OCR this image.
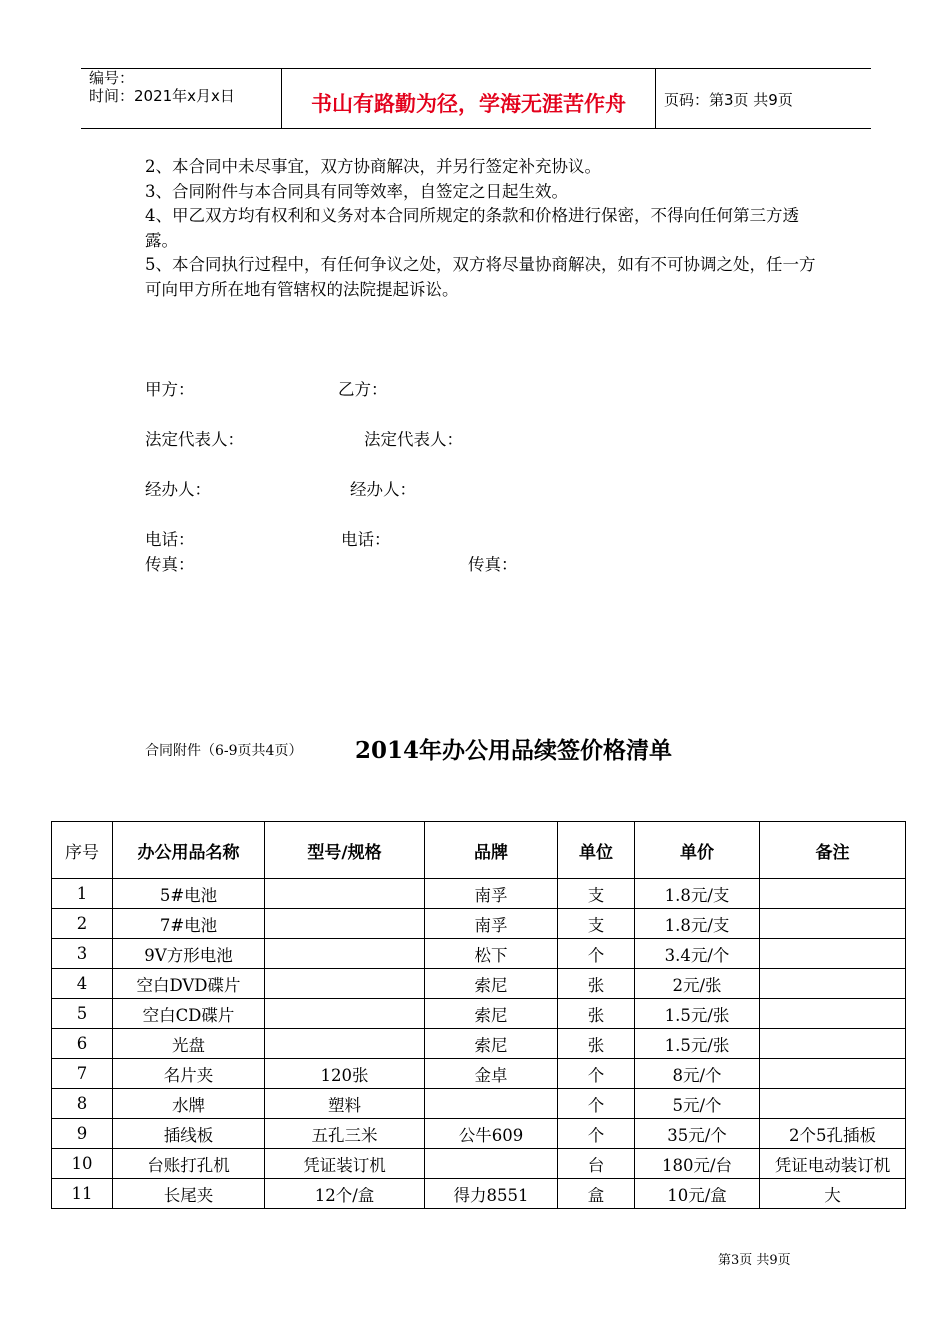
编号：
时间：2021年x月x日	书山有路勤为径，学海无涯苦作舟	页码：第3页 共9页

2、本合同中未尽事宜，双方协商解决，并另行签定补充协议。

3、合同附件与本合同具有同等效率，自签定之日起生效。

4、甲乙双方均有权利和义务对本合同所规定的条款和价格进行保密，不得向任何第三方透露。

5、本合同执行过程中，有任何争议之处，双方将尽量协商解决，如有不可协调之处，任一方可向甲方所在地有管辖权的法院提起诉讼。

甲方：	乙方：
法定代表人：	法定代表人：
经办人：	经办人：
电话：	电话：
传真：	传真：
合同附件（6-9页共4页） 2014年办公用品续签价格清单
序号	办公用品名称	型号/规格	品牌	单位	单价	备注
1	5#电池		南孚	支	1.8元/支	
2	7#电池		南孚	支	1.8元/支	
3	9V方形电池		松下	个	3.4元/个	
4	空白DVD碟片		索尼	张	2元/张	
5	空白CD碟片		索尼	张	1.5元/张	
6	光盘		索尼	张	1.5元/张	
7	名片夹	120张	金卓	个	8元/个	
8	水牌	塑料		个	5元/个	
9	插线板	五孔三米	公牛609	个	35元/个	2个5孔插板
10	台账打孔机	凭证装订机		台	180元/台	凭证电动装订机
11	长尾夹	12个/盒	得力8551	盒	10元/盒	大
第3页 共9页
